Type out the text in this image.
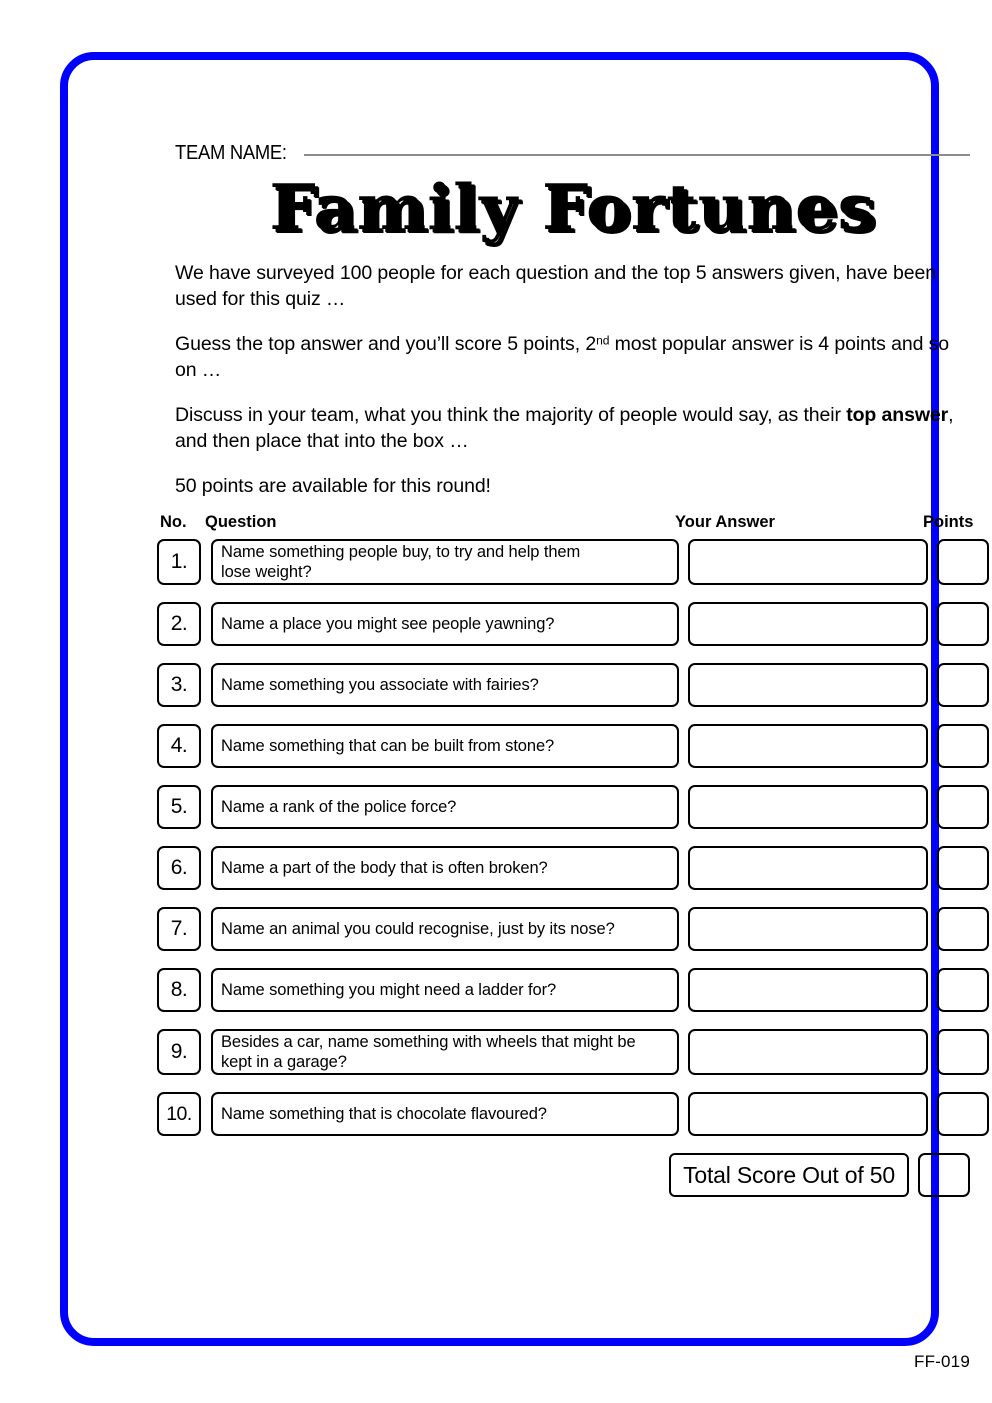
TEAM NAME:
Family Fortunes

We have surveyed 100 people for each question and the top 5 answers given, have been used for this quiz …

Guess the top answer and you’ll score 5 points, 2nd most popular answer is 4 points and so on …

Discuss in your team, what you think the majority of people would say, as their top answer, and then place that into the box …

50 points are available for this round!

No. Question	Your Answer	Points
1.	Name something people buy, to try and help them
lose weight?
2.	Name a place you might see people yawning?
3.	Name something you associate with fairies?
4.	Name something that can be built from stone?
5.	Name a rank of the police force?
6.	Name a part of the body that is often broken?
7.	Name an animal you could recognise, just by its nose?
8.	Name something you might need a ladder for?
9.	Besides a car, name something with wheels that might be
kept in a garage?
10.	Name something that is chocolate flavoured?
Total Score Out of 50
FF-019
